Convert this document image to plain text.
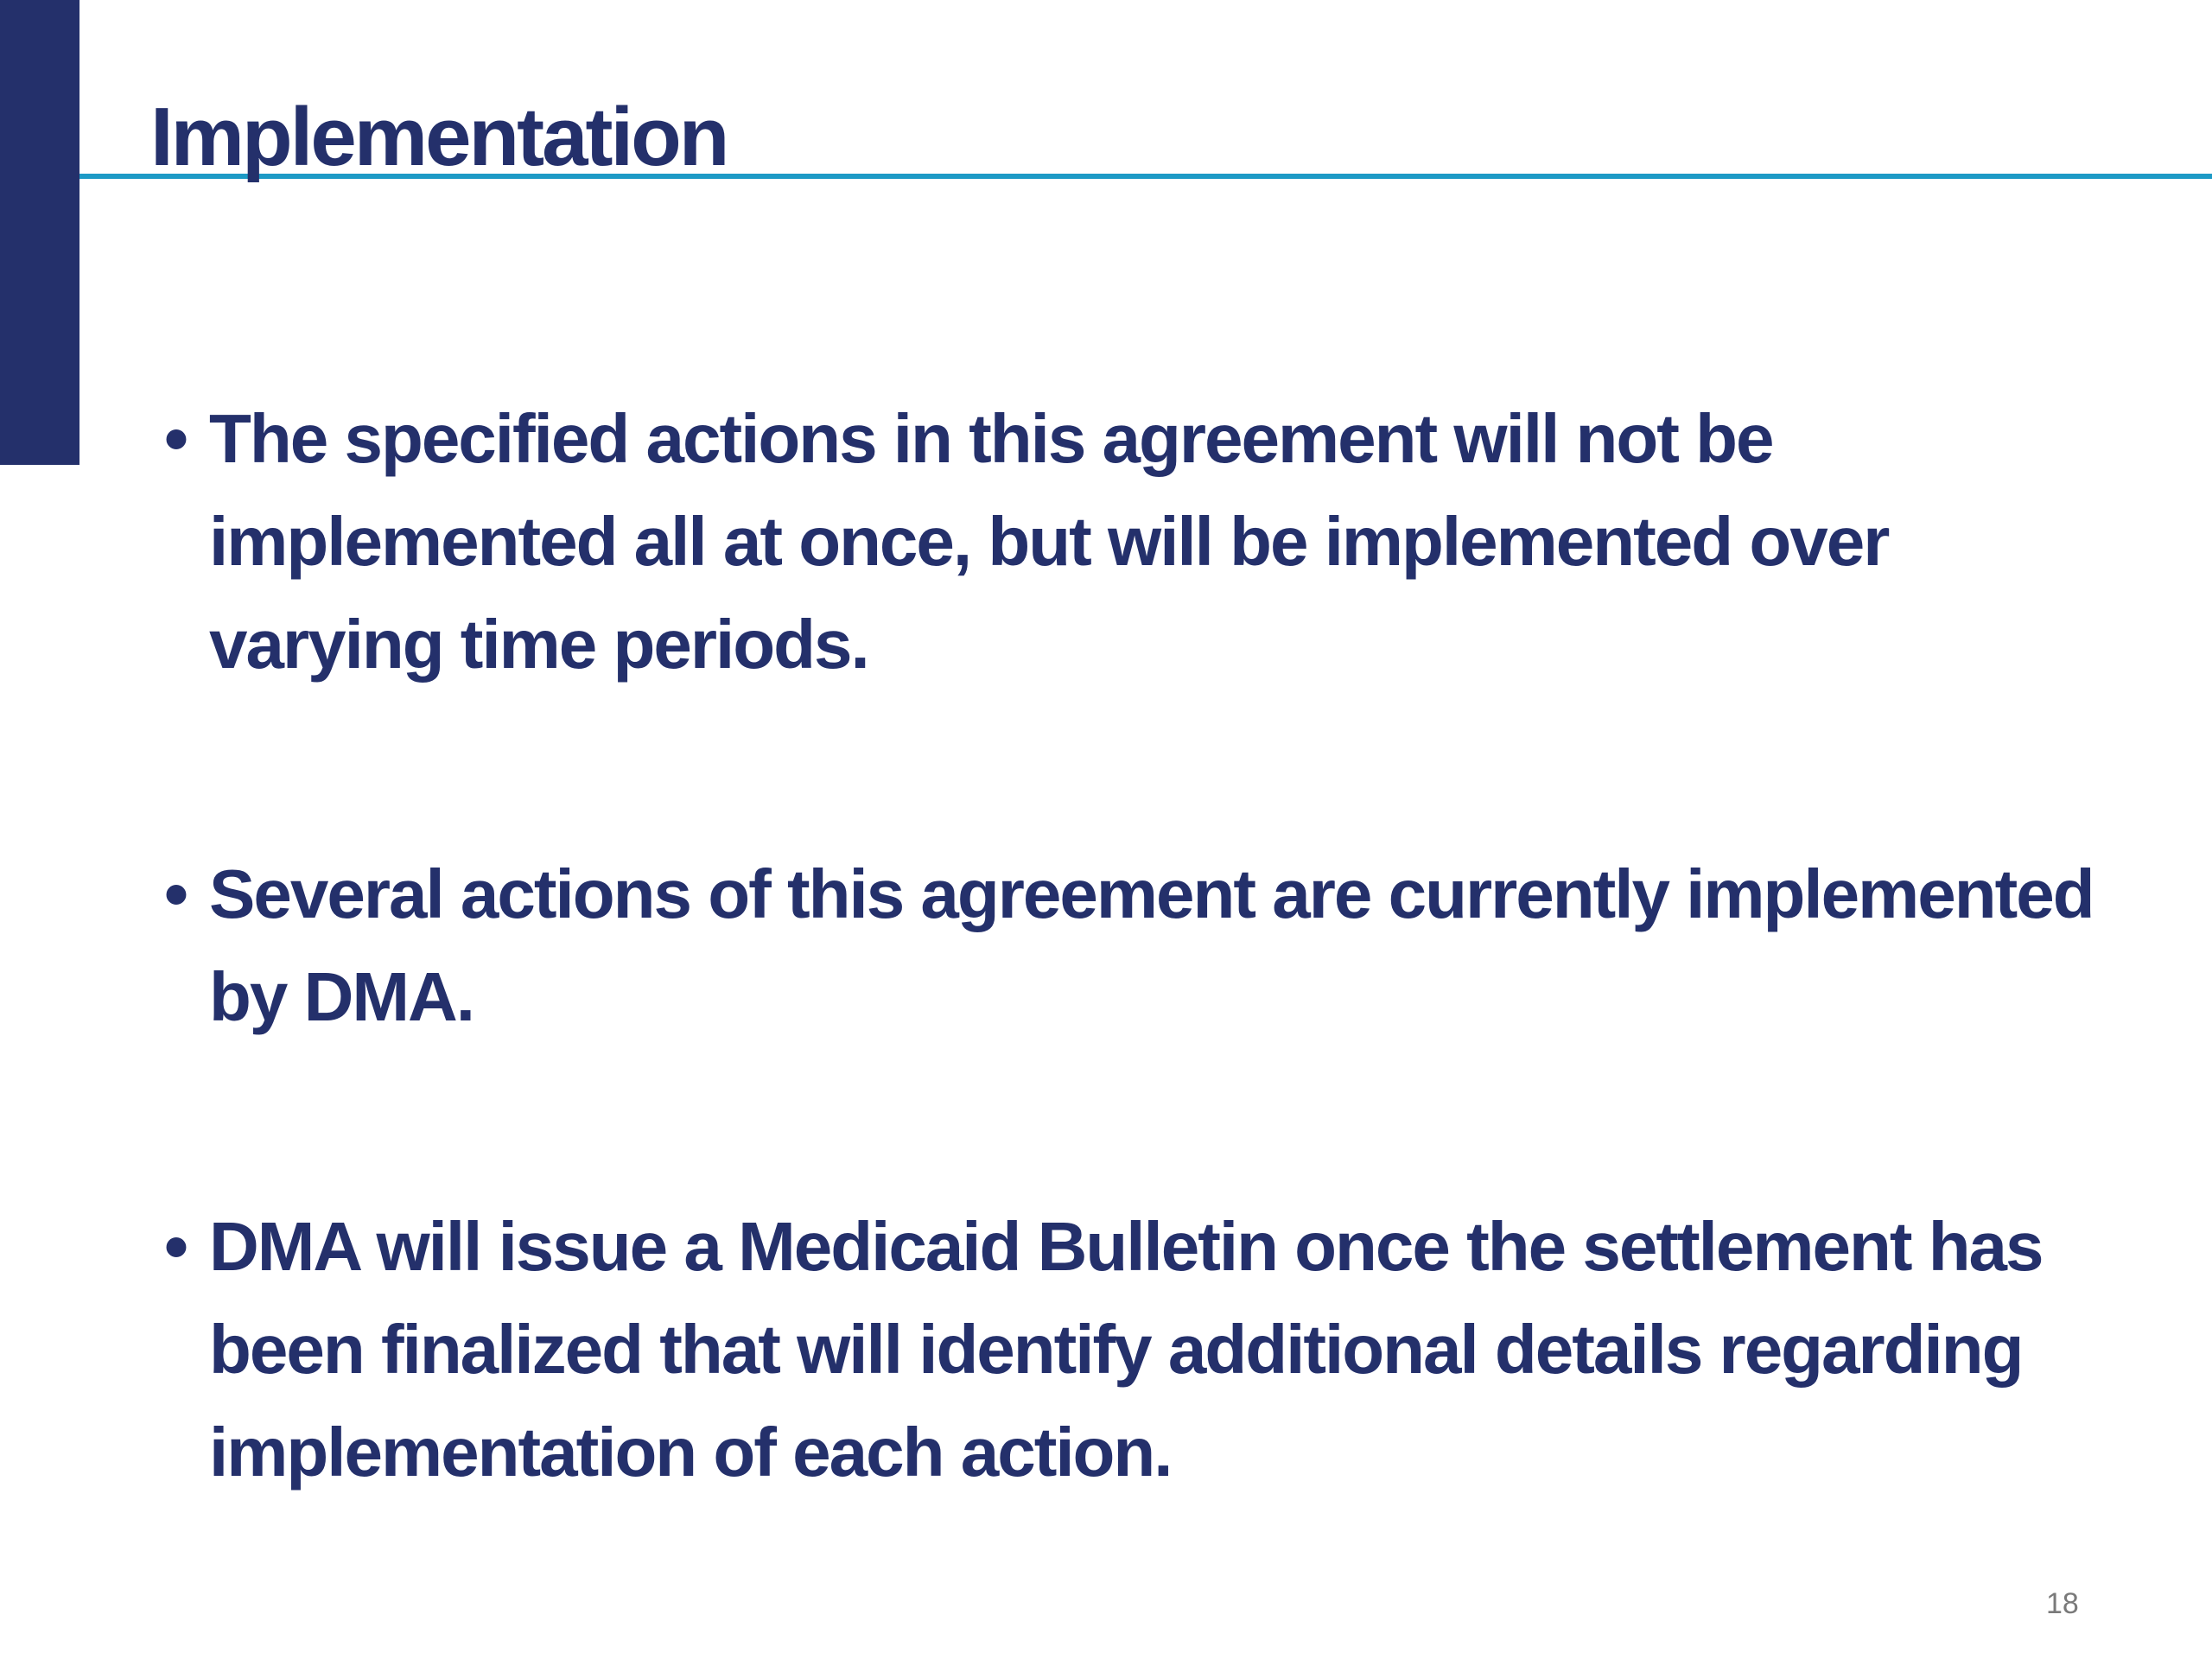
Implementation
• The specified actions in this agreement will not be implemented all at once, but will be implemented over varying time periods.
• Several actions of this agreement are currently implemented by DMA.
• DMA will issue a Medicaid Bulletin once the settlement has been finalized that will identify additional details regarding implementation of each action.
18
